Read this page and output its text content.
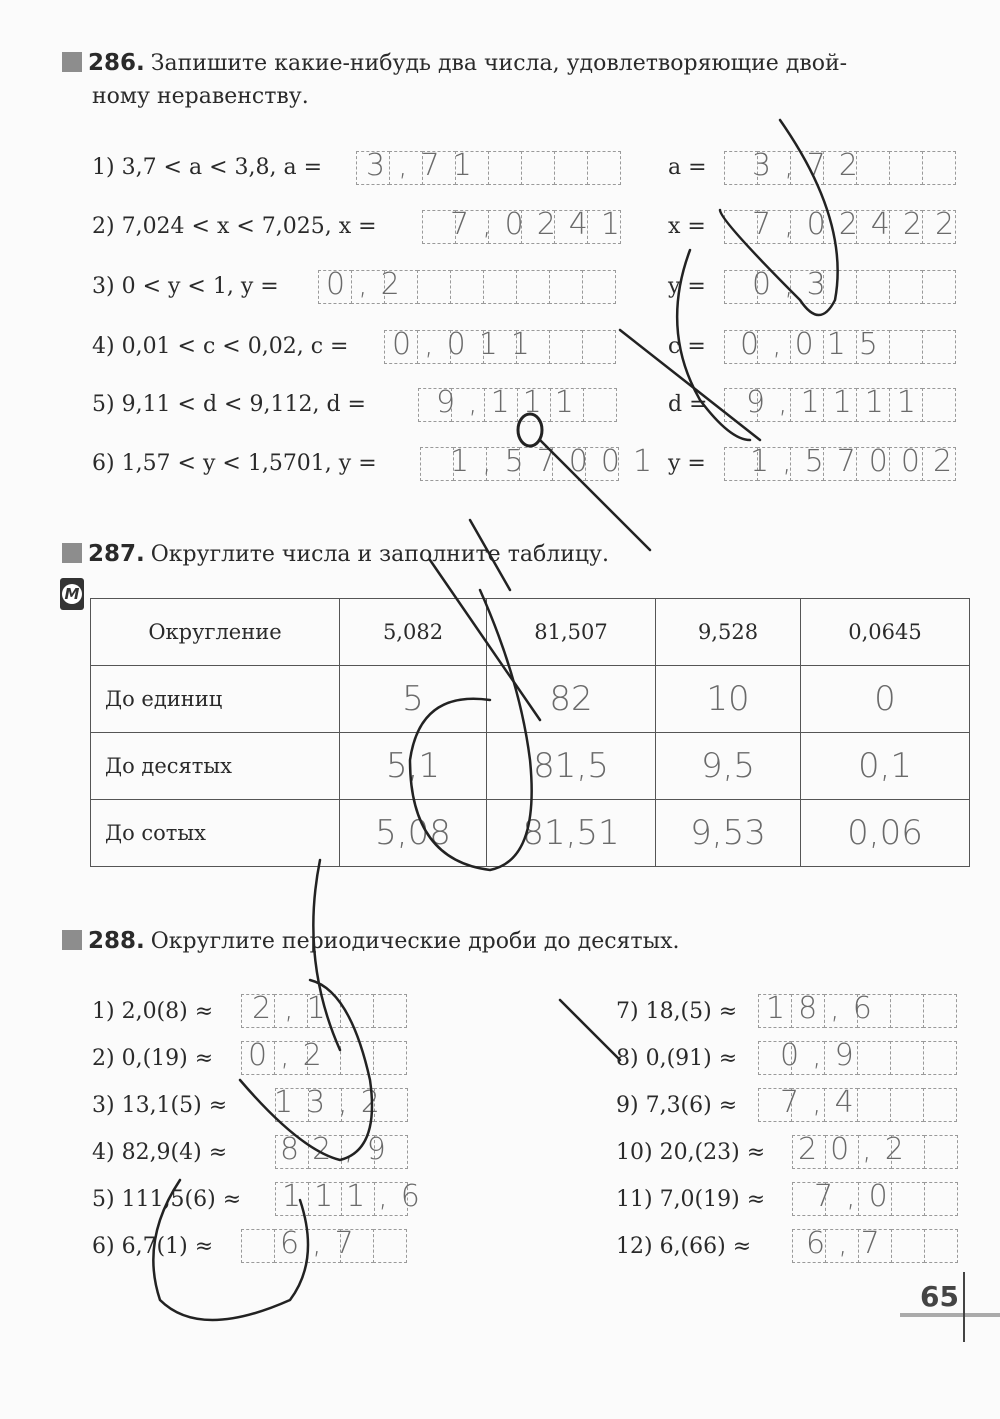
286. Запишите какие-нибудь два числа, удовлетворяющие двой-
ному неравенству.
1) 3,7 < a < 3,8, a = 3,71	a = 3,72
2) 7,024 < x < 7,025, x = 7,0241 x = 7,02422
3) 0 < y < 1, y = 0,2	y = 0,3
4) 0,01 < c < 0,02, c = 0,011	c = 0,015
5) 9,11 < d < 9,112, d = 9,111	d = 9,1111
6) 1,57 < y < 1,5701, y = 1,57001 y = 1,57002
287. Округлите числа и заполните таблицу.
М
Округление	5,082	81,507	9,528	0,0645
До единиц	5	82	10	0
До десятых	5,1	81,5	9,5	0,1
До сотых	5,08	81,51	9,53	0,06
288. Округлите периодические дроби до десятых.
1) 2,0(8) ≈ 2,1
2) 0,(19) ≈ 0,2
3) 13,1(5) ≈ 13,2
4) 82,9(4) ≈ 82,9
5) 111,5(6) ≈ 111,6
6) 6,7(1) ≈ 6,7
7) 18,(5) ≈ 18,6
8) 0,(91) ≈ 0,9
9) 7,3(6) ≈ 7,4
10) 20,(23) ≈ 20,2
11) 7,0(19) ≈ 7,0
12) 6,(66) ≈ 6,7
65
